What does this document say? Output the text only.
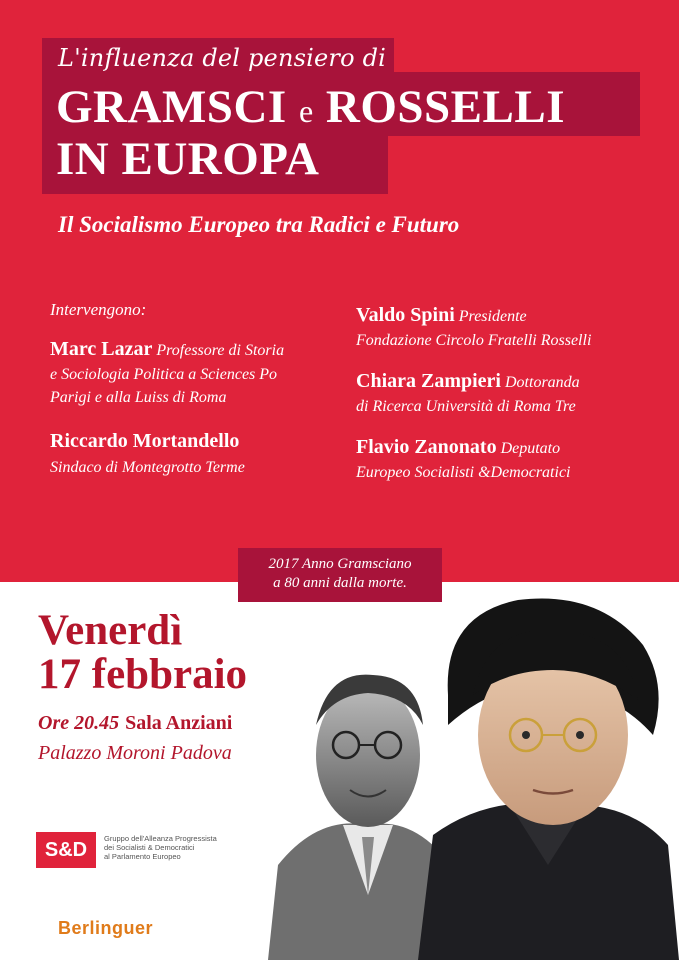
L'influenza del pensiero di
GRAMSCI e ROSSELLI
IN EUROPA
Il Socialismo Europeo tra Radici e Futuro
Intervengono:
Marc Lazar Professore di Storia
e Sociologia Politica a Sciences Po
Parigi e alla Luiss di Roma
Riccardo Mortandello
Sindaco di Montegrotto Terme
Valdo Spini Presidente
Fondazione Circolo Fratelli Rosselli
Chiara Zampieri Dottoranda
di Ricerca Università di Roma Tre
Flavio Zanonato Deputato
Europeo Socialisti &Democratici
2017 Anno Gramsciano
a 80 anni dalla morte.
Venerdì
17 febbraio
Ore 20.45 Sala Anziani
Palazzo Moroni Padova
S&D
Gruppo dell'Alleanza Progressista
dei Socialisti & Democratici
al Parlamento Europeo
Berlinguer
